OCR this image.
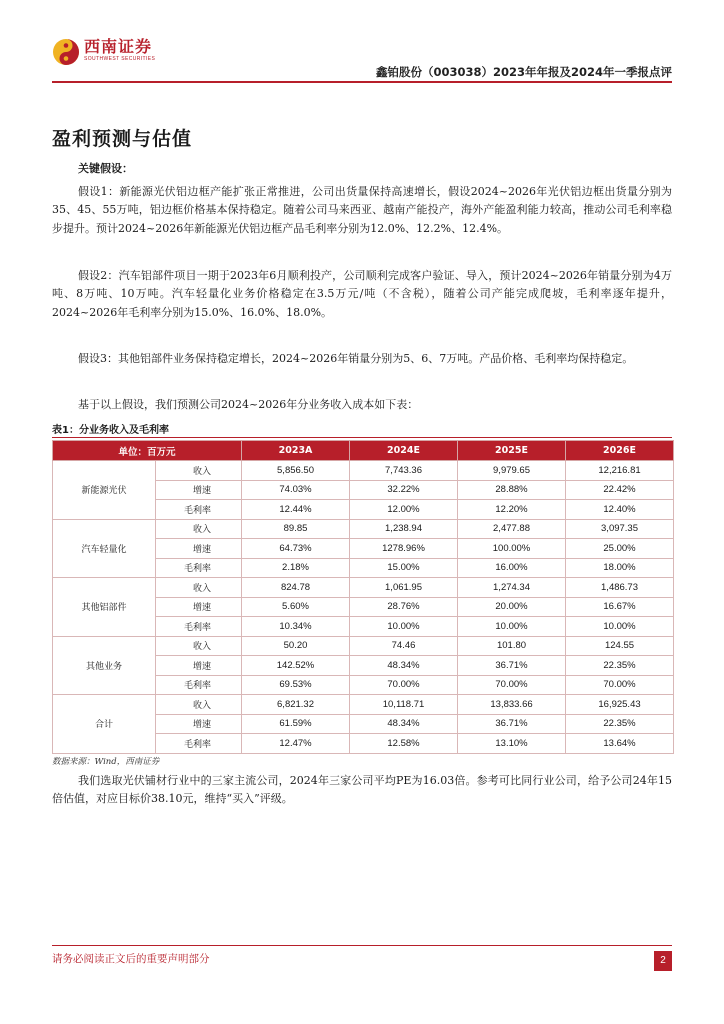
西南证券
SOUTHWEST SECURITIES
鑫铂股份（003038）2023年年报及2024年一季报点评
盈利预测与估值
关键假设：
假设1：新能源光伏铝边框产能扩张正常推进，公司出货量保持高速增长，假设2024~2026年光伏铝边框出货量分别为35、45、55万吨，铝边框价格基本保持稳定。随着公司马来西亚、越南产能投产，海外产能盈利能力较高，推动公司毛利率稳步提升。预计2024~2026年新能源光伏铝边框产品毛利率分别为12.0%、12.2%、12.4%。
假设2：汽车铝部件项目一期于2023年6月顺利投产，公司顺利完成客户验证、导入，预计2024~2026年销量分别为4万吨、8万吨、10万吨。汽车轻量化业务价格稳定在3.5万元/吨（不含税），随着公司产能完成爬坡，毛利率逐年提升，2024~2026年毛利率分别为15.0%、16.0%、18.0%。
假设3：其他铝部件业务保持稳定增长，2024~2026年销量分别为5、6、7万吨。产品价格、毛利率均保持稳定。
基于以上假设，我们预测公司2024~2026年分业务收入成本如下表：
表1：分业务收入及毛利率
单位：百万元		2023A	2024E	2025E	2026E
新能源光伏	收入	5,856.50	7,743.36	9,979.65	12,216.81
	增速	74.03%	32.22%	28.88%	22.42%
	毛利率	12.44%	12.00%	12.20%	12.40%
汽车轻量化	收入	89.85	1,238.94	2,477.88	3,097.35
	增速	64.73%	1278.96%	100.00%	25.00%
	毛利率	2.18%	15.00%	16.00%	18.00%
其他铝部件	收入	824.78	1,061.95	1,274.34	1,486.73
	增速	5.60%	28.76%	20.00%	16.67%
	毛利率	10.34%	10.00%	10.00%	10.00%
其他业务	收入	50.20	74.46	101.80	124.55
	增速	142.52%	48.34%	36.71%	22.35%
	毛利率	69.53%	70.00%	70.00%	70.00%
合计	收入	6,821.32	10,118.71	13,833.66	16,925.43
	增速	61.59%	48.34%	36.71%	22.35%
	毛利率	12.47%	12.58%	13.10%	13.64%
数据来源：Wind，西南证券
我们选取光伏铺材行业中的三家主流公司，2024年三家公司平均PE为16.03倍。参考可比同行业公司，给予公司24年15倍估值，对应目标价38.10元，维持“买入”评级。
请务必阅读正文后的重要声明部分	2
